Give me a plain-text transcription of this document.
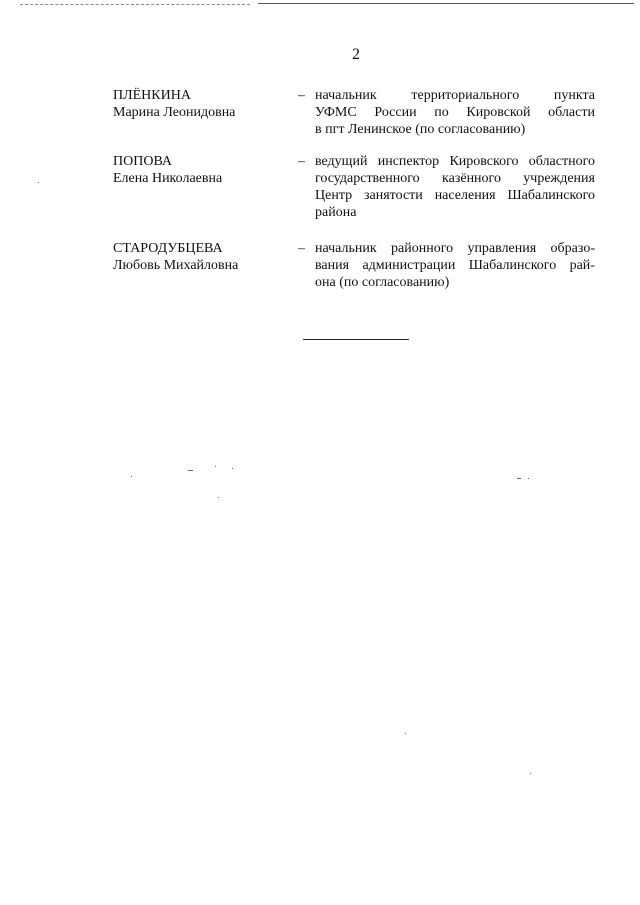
2
ПЛЁНКИНА
Марина Леонидовна
– начальник территориального пункта
УФМС России по Кировской области
в пгт Ленинское (по согласованию)
ПОПОВА
Елена Николаевна
– ведущий инспектор Кировского областного
государственного казённого учреждения
Центр занятости населения Шабалинского
района
СТАРОДУБЦЕВА
Любовь Михайловна
– начальник районного управления образо-
вания администрации Шабалинского рай-
она (по согласованию)
